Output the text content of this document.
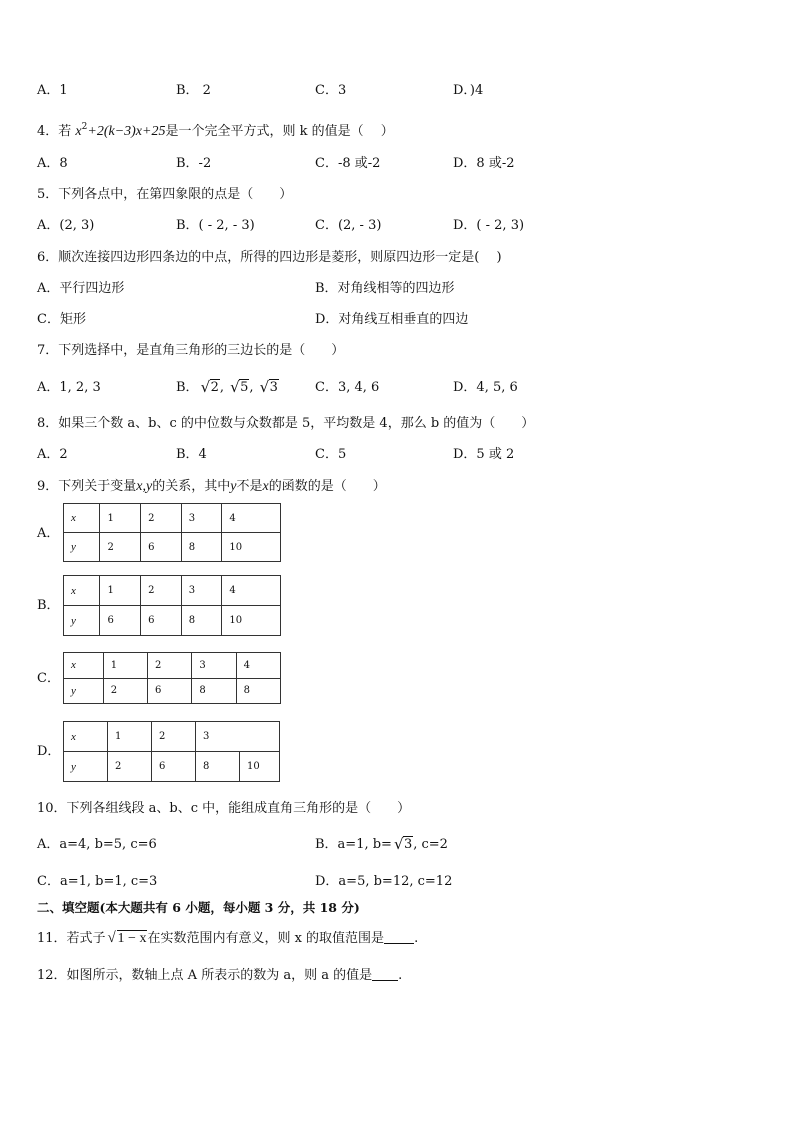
A．1	B． 2	C．3	D．)4
4．若 $x^2+2(k-3)x+25$是一个完全平方式，则 k 的值是（　 ）
A．8	B．-2	C．-8 或-2	D．8 或-2
5．下列各点中，在第四象限的点是（　　）
A．(2, 3)	B．( - 2, - 3)	C．(2, - 3)	D．( - 2, 3)
6．顺次连接四边形四条边的中点，所得的四边形是菱形，则原四边形一定是(　 )
A．平行四边形	B．对角线相等的四边形
C．矩形	D．对角线互相垂直的四边
7．下列选择中，是直角三角形的三边长的是（　　）
A．1, 2, 3	B． √ 2, √ 5, √ 3	C．3, 4, 6	D．4, 5, 6
8．如果三个数 a、b、c 的中位数与众数都是 5，平均数是 4，那么 b 的值为（　　）
A．2	B．4	C．5	D．5 或 2
9．下列关于变量x,y的关系，其中y不是x的函数的是（　　）
A．
x	1	2	3	4
y	2	6	8	10
B．
x	1	2	3	4
y	6	6	8	10
C．
x	1	2	3	4
y	2	6	8	8
D．
x	1	2	3	
y	2	6	8	10
10．下列各组线段 a、b、c 中，能组成直角三角形的是（　　）
A．a=4, b=5, c=6	B．a=1, b= √ 3, c=2
C．a=1, b=1, c=3	D．a=5, b=12, c=12
二、填空题(本大题共有 6 小题，每小题 3 分，共 18 分)
11．若式子 √ 1 − x在实数范围内有意义，则 x 的取值范围是 .
12．如图所示，数轴上点 A 所表示的数为 a，则 a 的值是 .
